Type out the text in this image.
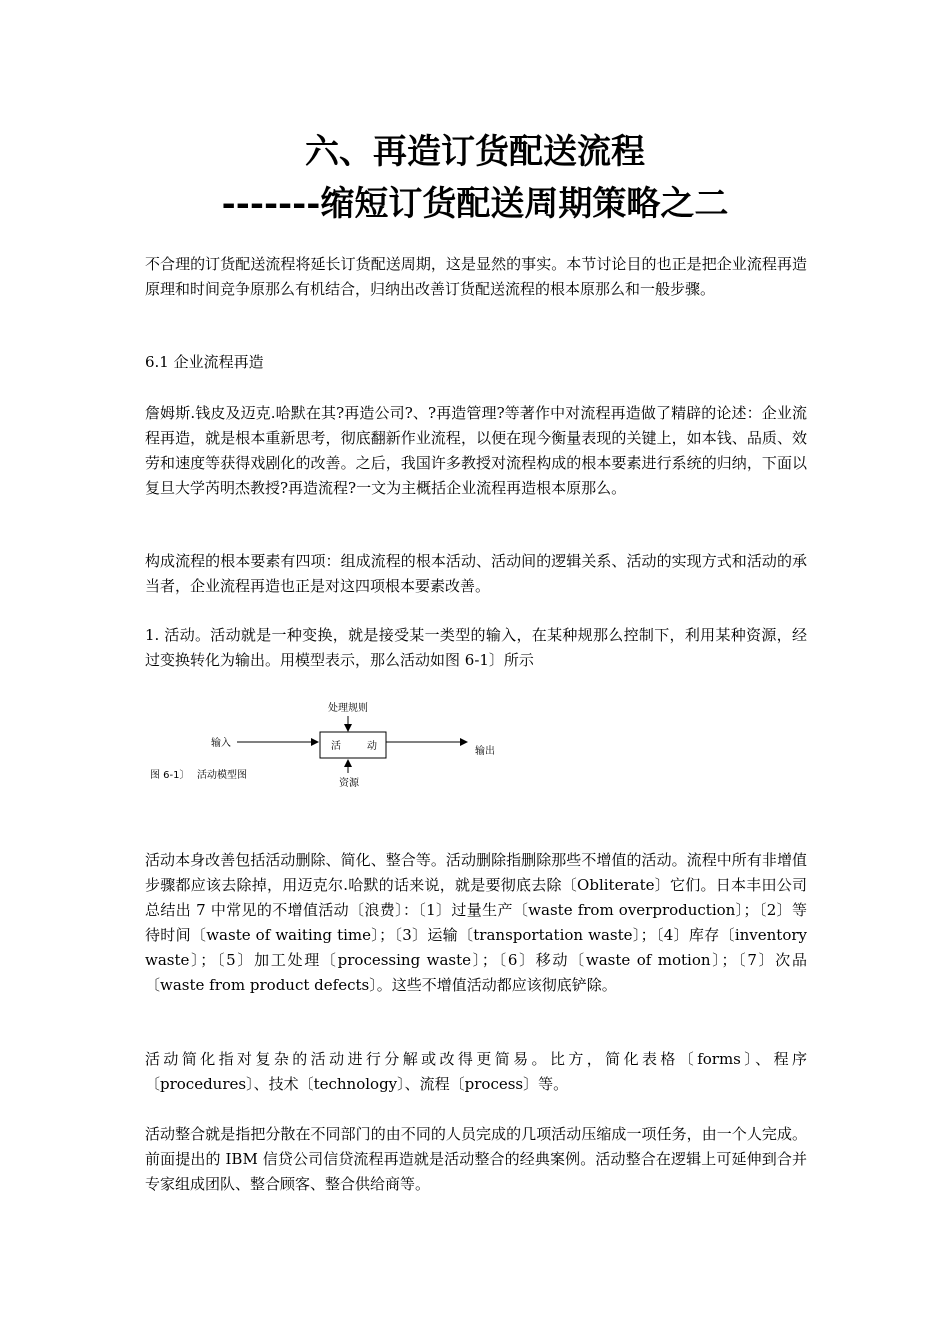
六、再造订货配送流程
-------缩短订货配送周期策略之二

不合理的订货配送流程将延长订货配送周期，这是显然的事实。本节讨论目的也正是把企业流程再造原理和时间竞争原那么有机结合，归纳出改善订货配送流程的根本原那么和一般步骤。

6.1 企业流程再造

詹姆斯.钱皮及迈克.哈默在其?再造公司?、?再造管理?等著作中对流程再造做了精辟的论述：企业流程再造，就是根本重新思考，彻底翻新作业流程，以便在现今衡量表现的关键上，如本钱、品质、效劳和速度等获得戏剧化的改善。之后，我国许多教授对流程构成的根本要素进行系统的归纳，下面以复旦大学芮明杰教授?再造流程?一文为主概括企业流程再造根本原那么。

构成流程的根本要素有四项：组成流程的根本活动、活动间的逻辑关系、活动的实现方式和活动的承当者，企业流程再造也正是对这四项根本要素改善。

1. 活动。活动就是一种变换，就是接受某一类型的输入，在某种规那么控制下，利用某种资源，经过变换转化为输出。用模型表示，那么活动如图 6-1〕所示

处理规则
输入	活	动	输出
资源
图 6-1〕 活动模型图

活动本身改善包括活动删除、简化、整合等。活动删除指删除那些不增值的活动。流程中所有非增值步骤都应该去除掉，用迈克尔.哈默的话来说，就是要彻底去除〔Obliterate〕它们。日本丰田公司总结出 7 中常见的不增值活动〔浪费〕：〔1〕过量生产〔waste from overproduction〕；〔2〕等待时间〔waste of waiting time〕；〔3〕运输〔transportation waste〕；〔4〕库存〔inventory waste〕；〔5〕加工处理〔processing waste〕；〔6〕移动〔waste of motion〕；〔7〕次品〔waste from product defects〕。这些不增值活动都应该彻底铲除。

活动简化指对复杂的活动进行分解或改得更简易。比方，简化表格〔forms〕、程序〔procedures〕、技术〔technology〕、流程〔process〕等。

活动整合就是指把分散在不同部门的由不同的人员完成的几项活动压缩成一项任务，由一个人完成。前面提出的 IBM 信贷公司信贷流程再造就是活动整合的经典案例。活动整合在逻辑上可延伸到合并专家组成团队、整合顾客、整合供给商等。
